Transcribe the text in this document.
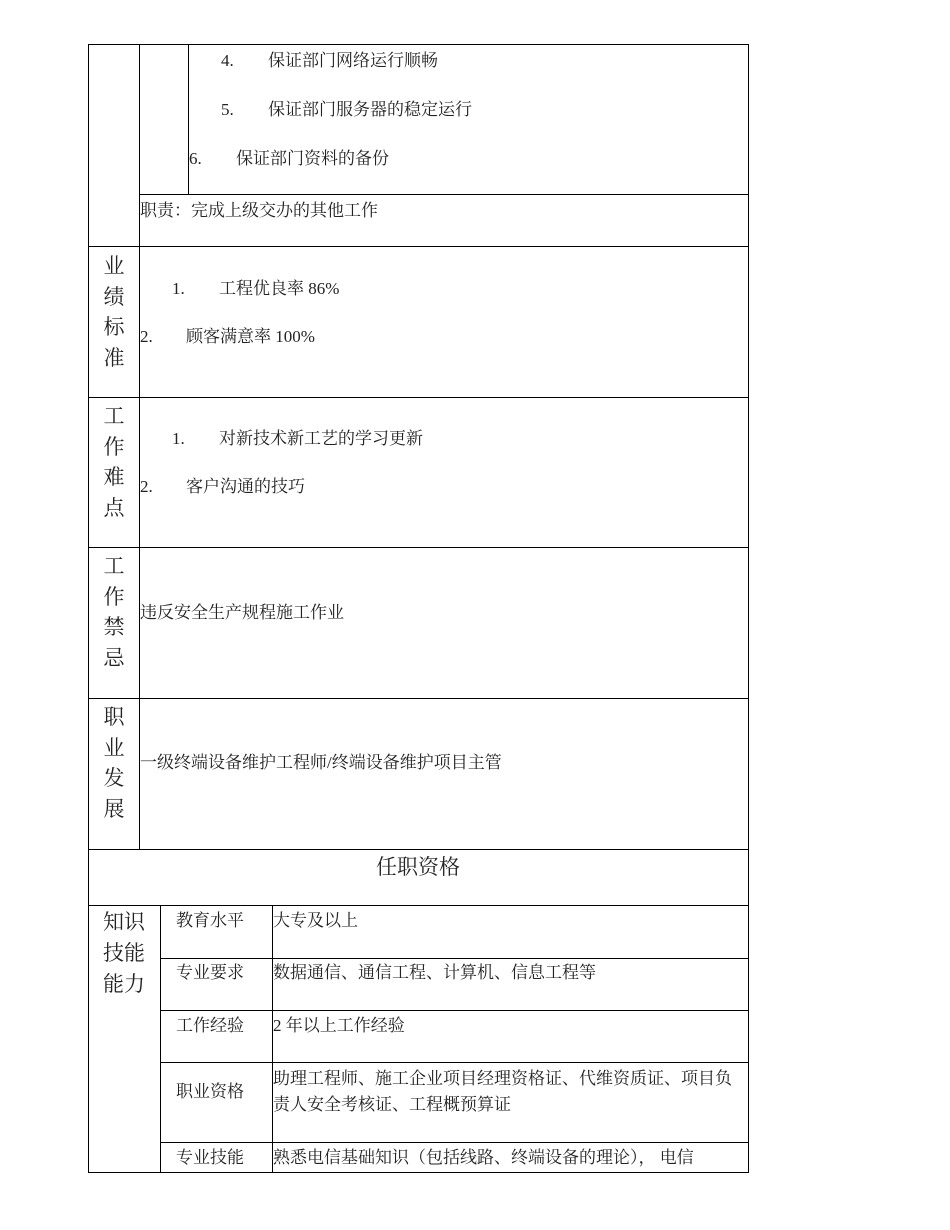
4. 保证部门网络运行顺畅
5. 保证部门服务器的稳定运行
6. 保证部门资料的备份
职责：完成上级交办的其他工作
业
绩
标
准
1. 工程优良率 86%
2. 顾客满意率 100%
工
作
难
点
1. 对新技术新工艺的学习更新
2. 客户沟通的技巧
工
作
禁
忌
违反安全生产规程施工作业
职
业
发
展
一级终端设备维护工程师/终端设备维护项目主管
任职资格
知识
技能
能力
教育水平 大专及以上
专业要求 数据通信、通信工程、计算机、信息工程等
工作经验 2 年以上工作经验
职业资格
助理工程师、施工企业项目经理资格证、代维资质证、项目负责人安全考核证、工程概预算证
专业技能 熟悉电信基础知识（包括线路、终端设备的理论）， 电信
